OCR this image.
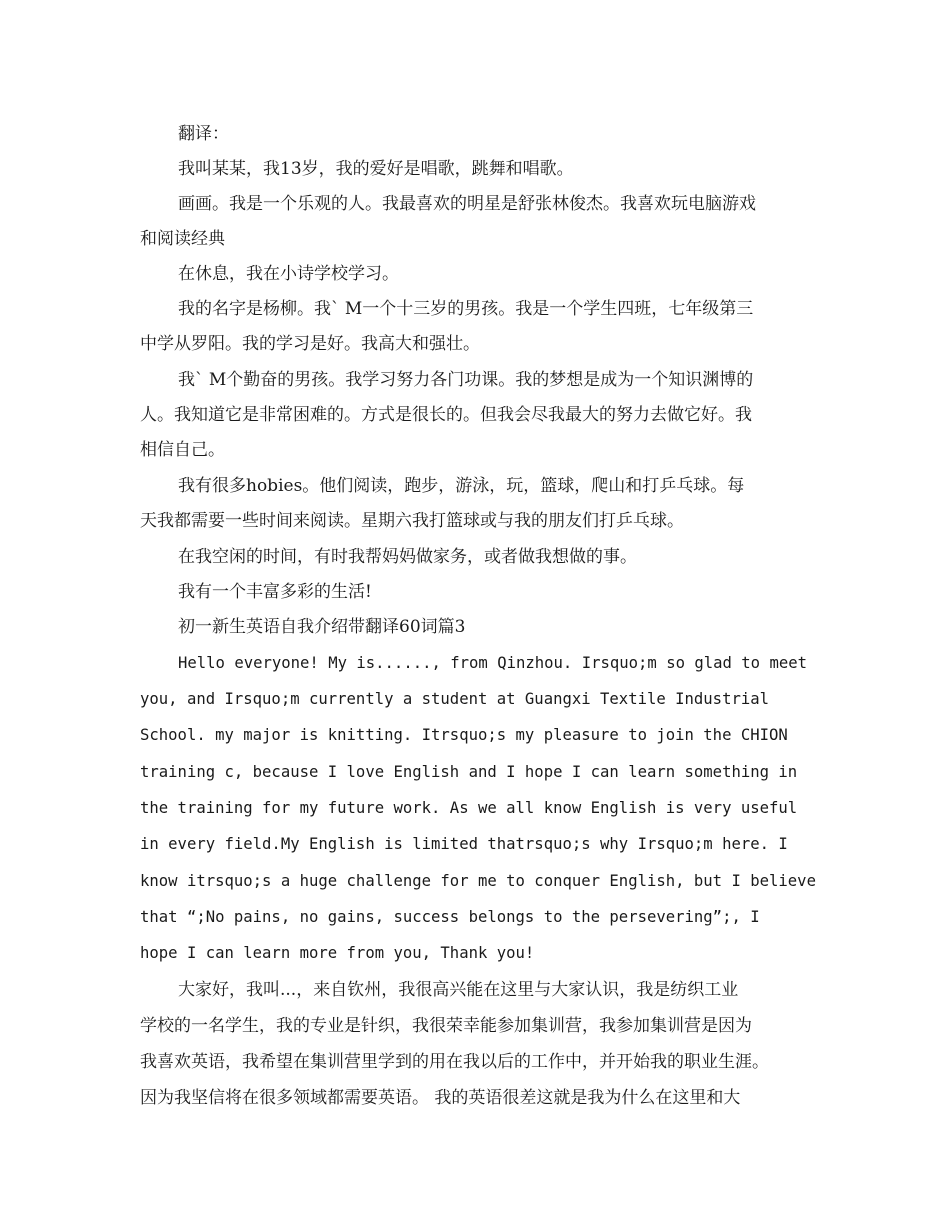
翻译：

我叫某某，我13岁，我的爱好是唱歌，跳舞和唱歌。

画画。我是一个乐观的人。我最喜欢的明星是舒张林俊杰。我喜欢玩电脑游戏

和阅读经典

在休息，我在小诗学校学习。

我的名字是杨柳。我` M一个十三岁的男孩。我是一个学生四班，七年级第三

中学从罗阳。我的学习是好。我高大和强壮。

我` M个勤奋的男孩。我学习努力各门功课。我的梦想是成为一个知识渊博的

人。我知道它是非常困难的。方式是很长的。但我会尽我最大的努力去做它好。我

相信自己。

我有很多hobies。他们阅读，跑步，游泳，玩，篮球，爬山和打乒乓球。每

天我都需要一些时间来阅读。星期六我打篮球或与我的朋友们打乒乓球。

在我空闲的时间，有时我帮妈妈做家务，或者做我想做的事。

我有一个丰富多彩的生活!

初一新生英语自我介绍带翻译60词篇3

Hello everyone! My is......, from Qinzhou. Irsquo;m so glad to meet

you, and Irsquo;m currently a student at Guangxi Textile Industrial

School. my major is knitting. Itrsquo;s my pleasure to join the CHION

training c, because I love English and I hope I can learn something in

the training for my future work. As we all know English is very useful

in every field.My English is limited thatrsquo;s why Irsquo;m here. I

know itrsquo;s a huge challenge for me to conquer English, but I believe

that “;No pains, no gains, success belongs to the persevering”;, I

hope I can learn more from you, Thank you!

大家好，我叫...，来自钦州，我很高兴能在这里与大家认识，我是纺织工业

学校的一名学生，我的专业是针织，我很荣幸能参加集训营，我参加集训营是因为

我喜欢英语，我希望在集训营里学到的用在我以后的工作中，并开始我的职业生涯。

因为我坚信将在很多领域都需要英语。 我的英语很差这就是我为什么在这里和大
